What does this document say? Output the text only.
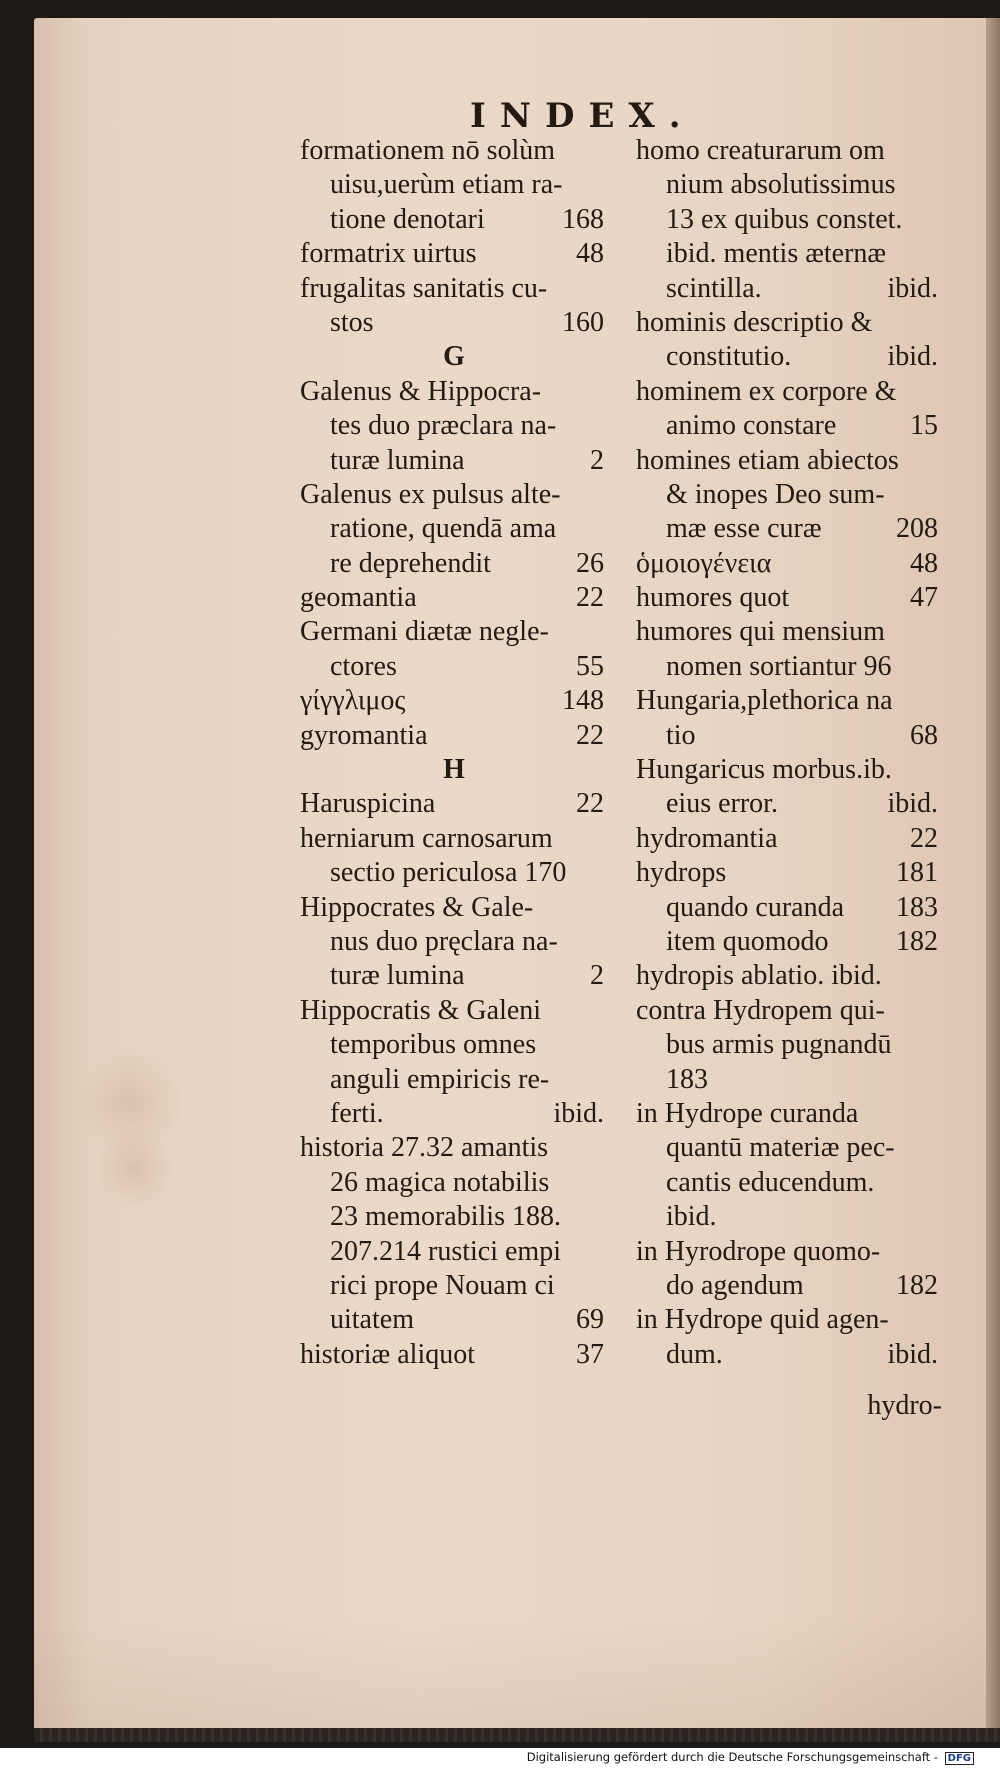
INDEX.
formationem nō solùm
uisu,uerùm etiam ra-
tione denotari	168
formatrix uirtus	48
frugalitas sanitatis cu-
stos	160
G
Galenus & Hippocra-
tes duo præclara na-
turæ lumina	2
Galenus ex pulsus alte-
ratione, quendā ama
re deprehendit	26
geomantia	22
Germani diætæ negle-
ctores	55
γίγγλιμος	148
gyromantia	22
H
Haruspicina	22
herniarum carnosarum
sectio periculosa 170
Hippocrates & Gale-
nus duo pręclara na-
turæ lumina	2
Hippocratis & Galeni
temporibus omnes
anguli empiricis re-
ferti.	ibid.
historia 27.32 amantis
26 magica notabilis
23 memorabilis 188.
207.214 rustici empi
rici prope Nouam ci
uitatem	69
historiæ aliquot	37
homo creaturarum om
nium absolutissimus
13 ex quibus constet.
ibid. mentis æternæ
scintilla.	ibid.
hominis descriptio &
constitutio.	ibid.
hominem ex corpore &
animo constare	15
homines etiam abiectos
& inopes Deo sum-
mæ esse curæ	208
ὁμοιογένεια	48
humores quot	47
humores qui mensium
nomen sortiantur 96
Hungaria,plethorica na
tio	68
Hungaricus morbus.ib.
eius error.	ibid.
hydromantia	22
hydrops	181
quando curanda 183
item quomodo 182
hydropis ablatio. ibid.
contra Hydropem qui-
bus armis pugnandū
183
in Hydrope curanda
quantū materiæ pec-
cantis educendum.
ibid.
in Hyrodrope quomo-
do agendum	182
in Hydrope quid agen-
dum.	ibid.
hydro-
Digitalisierung gefördert durch die Deutsche Forschungsgemeinschaft - DFG
